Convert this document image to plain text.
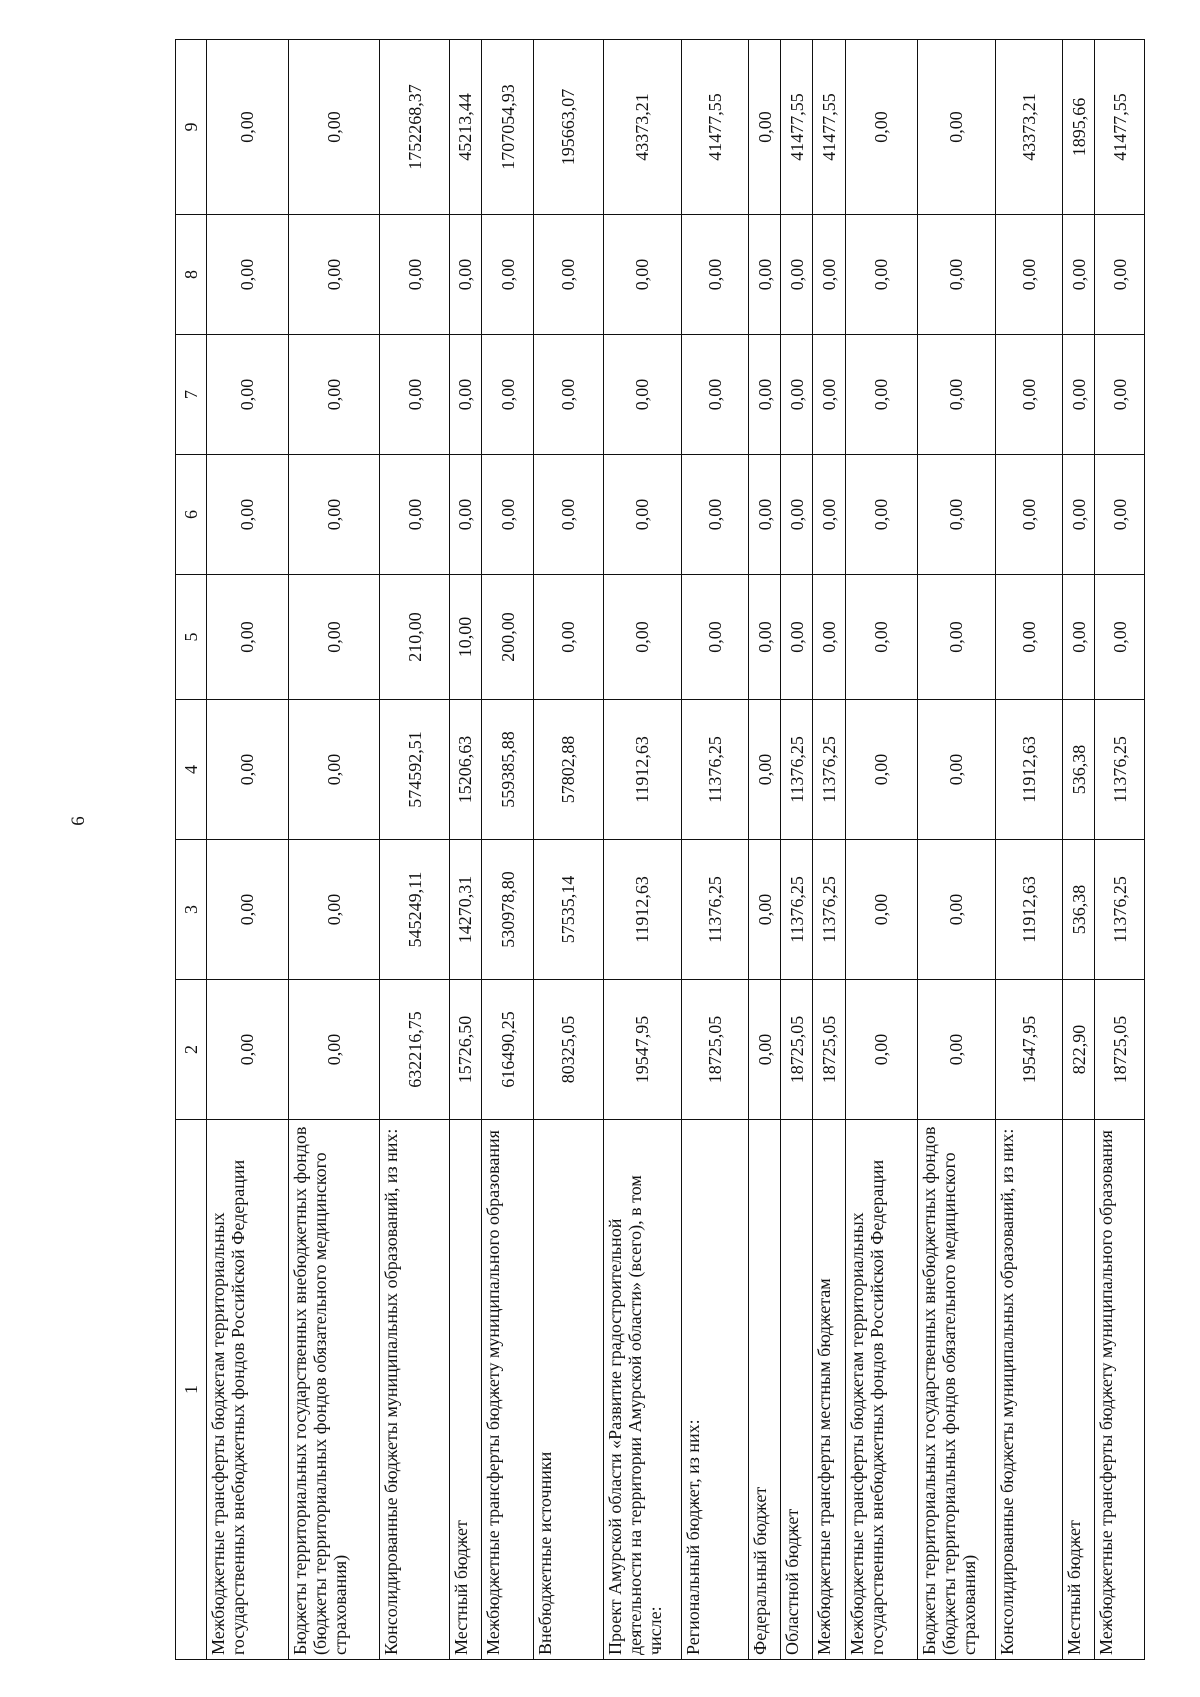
6
1	2	3	4	5	6	7	8	9
Межбюджетные трансферты бюджетам территориальных государственных внебюджетных фондов Российской Федерации	0,00	0,00	0,00	0,00	0,00	0,00	0,00	0,00
Бюджеты территориальных государственных внебюджетных фондов (бюджеты территориальных фондов обязательного медицинского страхования)	0,00	0,00	0,00	0,00	0,00	0,00	0,00	0,00
Консолидированные бюджеты муниципальных образований, из них:	632216,75	545249,11	574592,51	210,00	0,00	0,00	0,00	1752268,37
Местный бюджет	15726,50	14270,31	15206,63	10,00	0,00	0,00	0,00	45213,44
Межбюджетные трансферты бюджету муниципального образования	616490,25	530978,80	559385,88	200,00	0,00	0,00	0,00	1707054,93
Внебюджетные источники	80325,05	57535,14	57802,88	0,00	0,00	0,00	0,00	195663,07
Проект Амурской области «Развитие градостроительной деятельности на территории Амурской области» (всего), в том числе:	19547,95	11912,63	11912,63	0,00	0,00	0,00	0,00	43373,21
Региональный бюджет, из них:	18725,05	11376,25	11376,25	0,00	0,00	0,00	0,00	41477,55
Федеральный бюджет	0,00	0,00	0,00	0,00	0,00	0,00	0,00	0,00
Областной бюджет	18725,05	11376,25	11376,25	0,00	0,00	0,00	0,00	41477,55
Межбюджетные трансферты местным бюджетам	18725,05	11376,25	11376,25	0,00	0,00	0,00	0,00	41477,55
Межбюджетные трансферты бюджетам территориальных государственных внебюджетных фондов Российской Федерации	0,00	0,00	0,00	0,00	0,00	0,00	0,00	0,00
Бюджеты территориальных государственных внебюджетных фондов (бюджеты территориальных фондов обязательного медицинского страхования)	0,00	0,00	0,00	0,00	0,00	0,00	0,00	0,00
Консолидированные бюджеты муниципальных образований, из них:	19547,95	11912,63	11912,63	0,00	0,00	0,00	0,00	43373,21
Местный бюджет	822,90	536,38	536,38	0,00	0,00	0,00	0,00	1895,66
Межбюджетные трансферты бюджету муниципального образования	18725,05	11376,25	11376,25	0,00	0,00	0,00	0,00	41477,55
